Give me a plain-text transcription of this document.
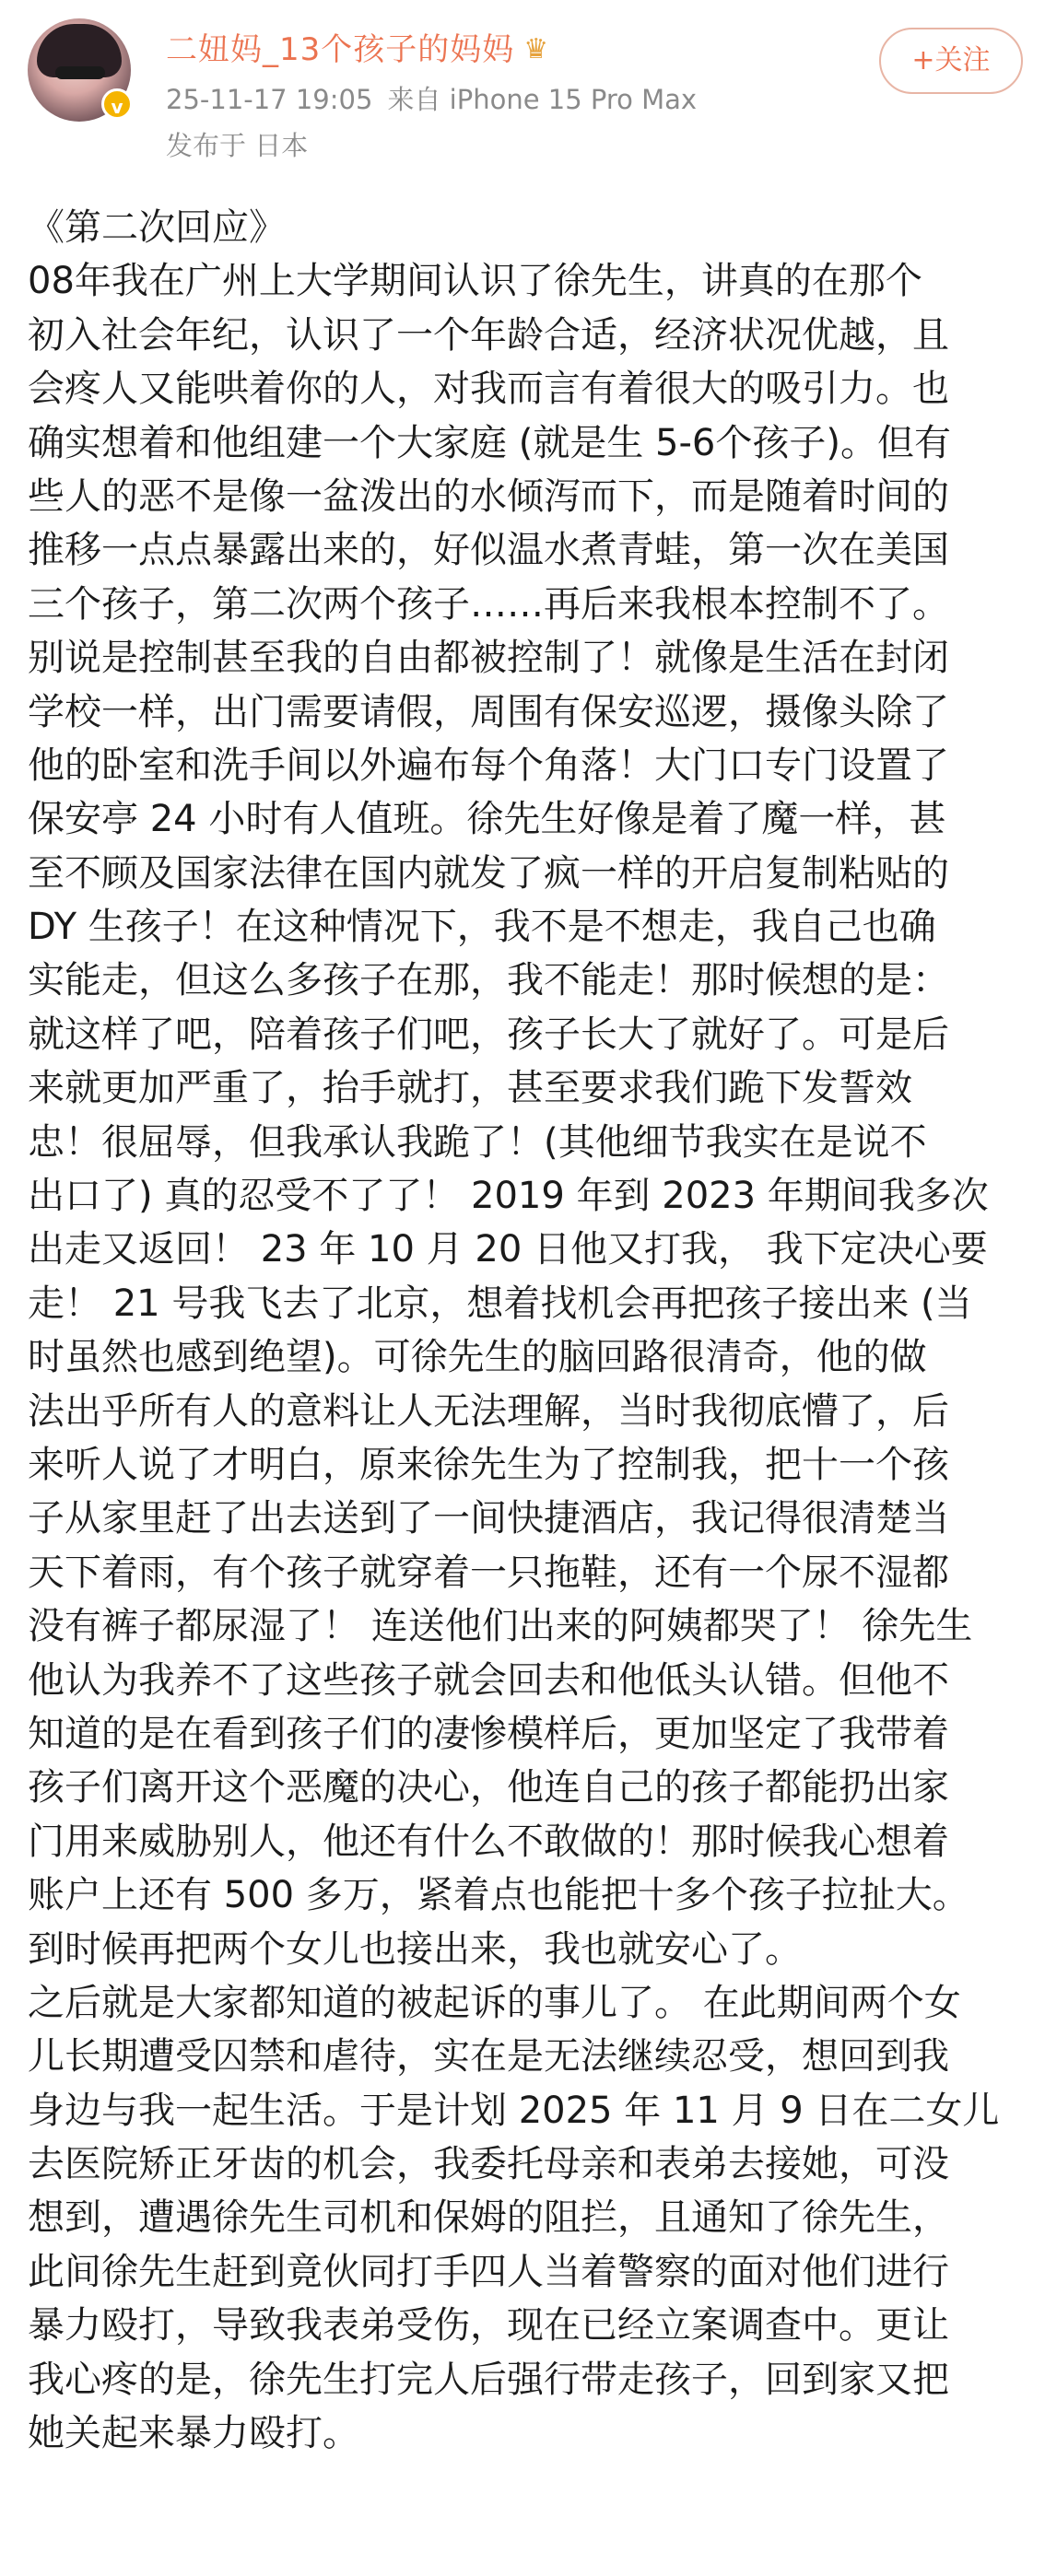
v
二妞妈_13个孩子的妈妈 ♛
25-11-17 19:05 来自 iPhone 15 Pro Max
发布于 日本
+关注
《第二次回应》
08年我在广州上大学期间认识了徐先生，讲真的在那个
初入社会年纪，认识了一个年龄合适，经济状况优越，且
会疼人又能哄着你的人，对我而言有着很大的吸引力。也
确实想着和他组建一个大家庭 (就是生 5-6个孩子)。但有
些人的恶不是像一盆泼出的水倾泻而下，而是随着时间的
推移一点点暴露出来的，好似温水煮青蛙，第一次在美国
三个孩子，第二次两个孩子……再后来我根本控制不了。
别说是控制甚至我的自由都被控制了！就像是生活在封闭
学校一样，出门需要请假，周围有保安巡逻，摄像头除了
他的卧室和洗手间以外遍布每个角落！大门口专门设置了
保安亭 24 小时有人值班。徐先生好像是着了魔一样，甚
至不顾及国家法律在国内就发了疯一样的开启复制粘贴的
DY 生孩子！在这种情况下，我不是不想走，我自己也确
实能走，但这么多孩子在那，我不能走！那时候想的是：
就这样了吧，陪着孩子们吧，孩子长大了就好了。可是后
来就更加严重了，抬手就打，甚至要求我们跪下发誓效
忠！很屈辱，但我承认我跪了！(其他细节我实在是说不
出口了) 真的忍受不了了！ 2019 年到 2023 年期间我多次
出走又返回！ 23 年 10 月 20 日他又打我， 我下定决心要
走！ 21 号我飞去了北京，想着找机会再把孩子接出来 (当
时虽然也感到绝望)。可徐先生的脑回路很清奇，他的做
法出乎所有人的意料让人无法理解，当时我彻底懵了，后
来听人说了才明白，原来徐先生为了控制我，把十一个孩
子从家里赶了出去送到了一间快捷酒店，我记得很清楚当
天下着雨，有个孩子就穿着一只拖鞋，还有一个尿不湿都
没有裤子都尿湿了！ 连送他们出来的阿姨都哭了！ 徐先生
他认为我养不了这些孩子就会回去和他低头认错。但他不
知道的是在看到孩子们的凄惨模样后，更加坚定了我带着
孩子们离开这个恶魔的决心，他连自己的孩子都能扔出家
门用来威胁别人，他还有什么不敢做的！那时候我心想着
账户上还有 500 多万，紧着点也能把十多个孩子拉扯大。
到时候再把两个女儿也接出来，我也就安心了。
之后就是大家都知道的被起诉的事儿了。 在此期间两个女
儿长期遭受囚禁和虐待，实在是无法继续忍受，想回到我
身边与我一起生活。于是计划 2025 年 11 月 9 日在二女儿
去医院矫正牙齿的机会，我委托母亲和表弟去接她，可没
想到，遭遇徐先生司机和保姆的阻拦，且通知了徐先生，
此间徐先生赶到竟伙同打手四人当着警察的面对他们进行
暴力殴打，导致我表弟受伤，现在已经立案调查中。更让
我心疼的是，徐先生打完人后强行带走孩子，回到家又把
她关起来暴力殴打。
